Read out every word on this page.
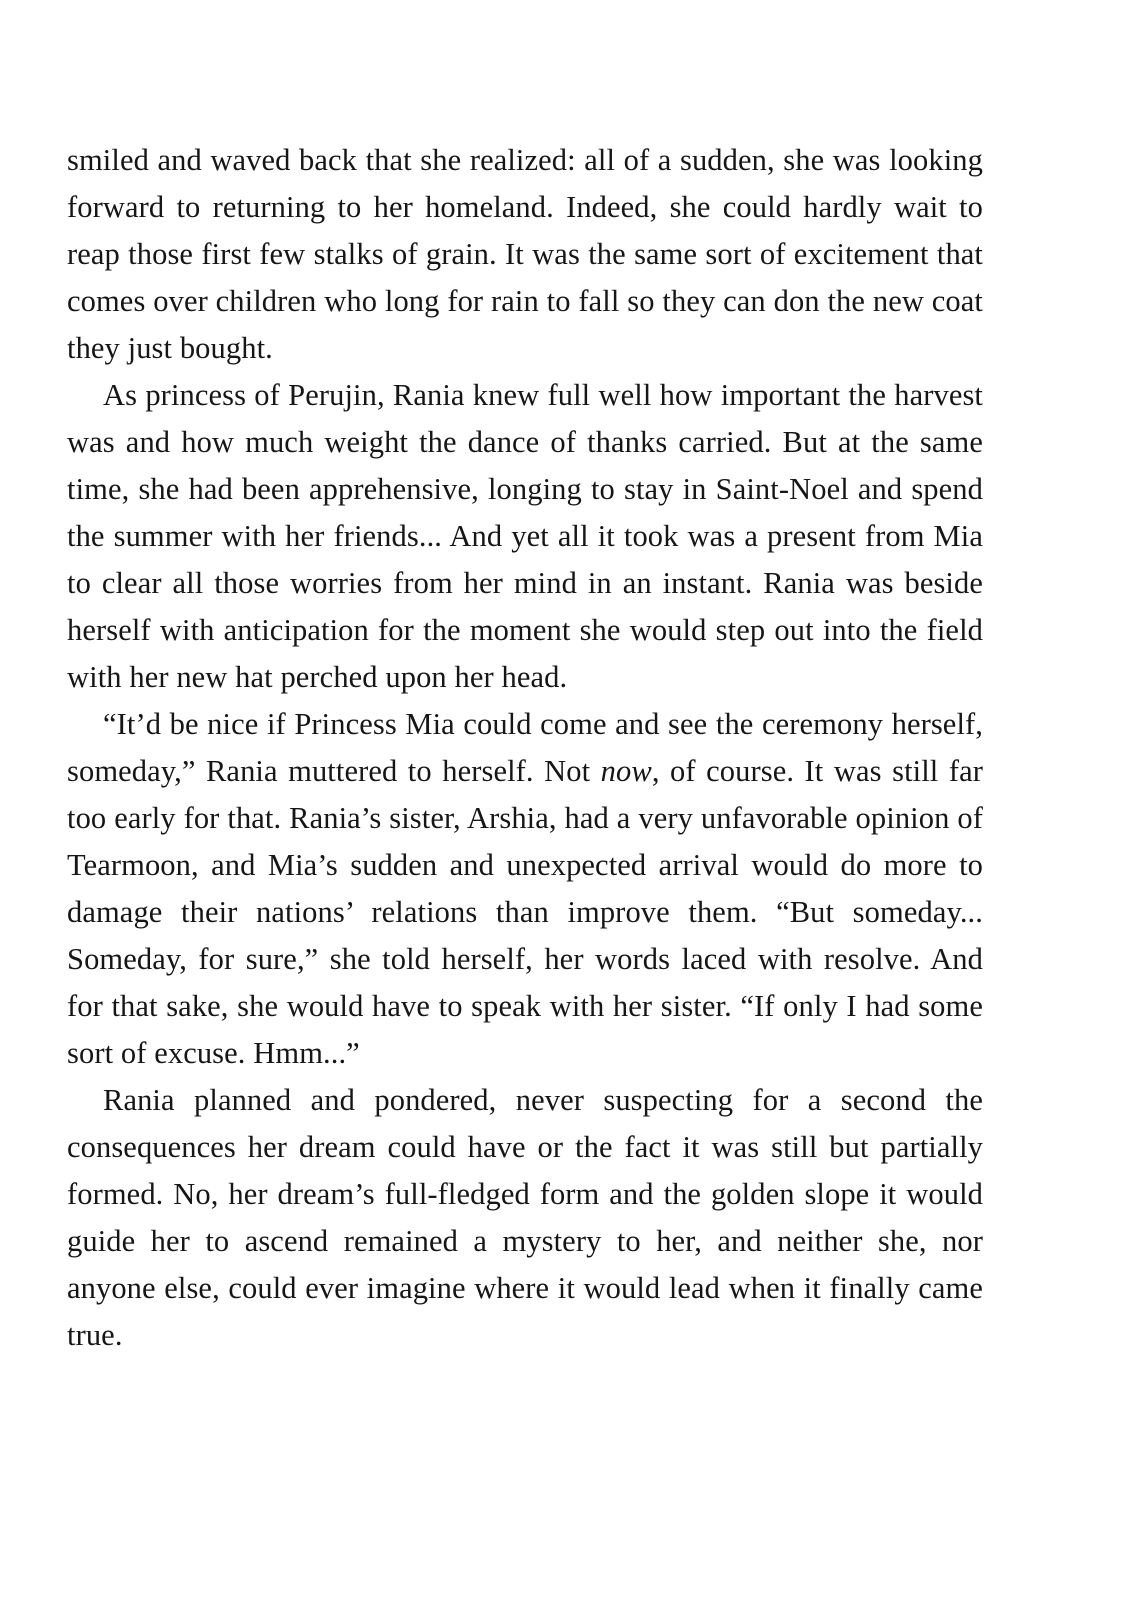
smiled and waved back that she realized: all of a sudden, she was looking forward to returning to her homeland. Indeed, she could hardly wait to reap those first few stalks of grain. It was the same sort of excitement that comes over children who long for rain to fall so they can don the new coat they just bought.

As princess of Perujin, Rania knew full well how important the harvest was and how much weight the dance of thanks carried. But at the same time, she had been apprehensive, longing to stay in Saint-Noel and spend the summer with her friends... And yet all it took was a present from Mia to clear all those worries from her mind in an instant. Rania was beside herself with anticipation for the moment she would step out into the field with her new hat perched upon her head.

“It’d be nice if Princess Mia could come and see the ceremony herself, someday,” Rania muttered to herself. Not now, of course. It was still far too early for that. Rania’s sister, Arshia, had a very unfavorable opinion of Tearmoon, and Mia’s sudden and unexpected arrival would do more to damage their nations’ relations than improve them. “But someday... Someday, for sure,” she told herself, her words laced with resolve. And for that sake, she would have to speak with her sister. “If only I had some sort of excuse. Hmm...”

Rania planned and pondered, never suspecting for a second the consequences her dream could have or the fact it was still but partially formed. No, her dream’s full-fledged form and the golden slope it would guide her to ascend remained a mystery to her, and neither she, nor anyone else, could ever imagine where it would lead when it finally came true.
